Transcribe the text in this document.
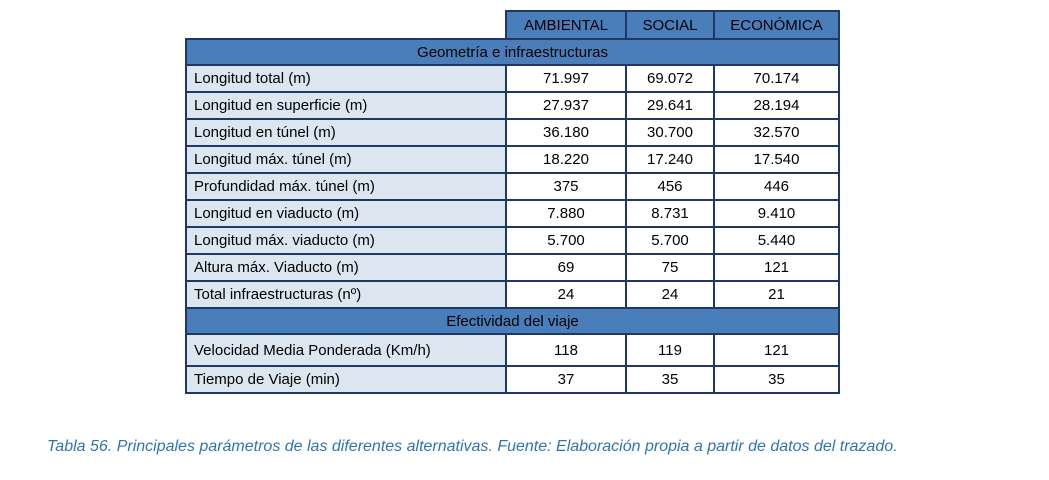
	AMBIENTAL	SOCIAL	ECONÓMICA
Geometría e infraestructuras			
Longitud total (m)	71.997	69.072	70.174
Longitud en superficie (m)	27.937	29.641	28.194
Longitud en túnel (m)	36.180	30.700	32.570
Longitud máx. túnel (m)	18.220	17.240	17.540
Profundidad máx. túnel (m)	375	456	446
Longitud en viaducto (m)	7.880	8.731	9.410
Longitud máx. viaducto (m)	5.700	5.700	5.440
Altura máx. Viaducto (m)	69	75	121
Total infraestructuras (nº)	24	24	21
Efectividad del viaje			
Velocidad Media Ponderada (Km/h)	118	119	121
Tiempo de Viaje (min)	37	35	35
Tabla 56. Principales parámetros de las diferentes alternativas. Fuente: Elaboración propia a partir de datos del trazado.
